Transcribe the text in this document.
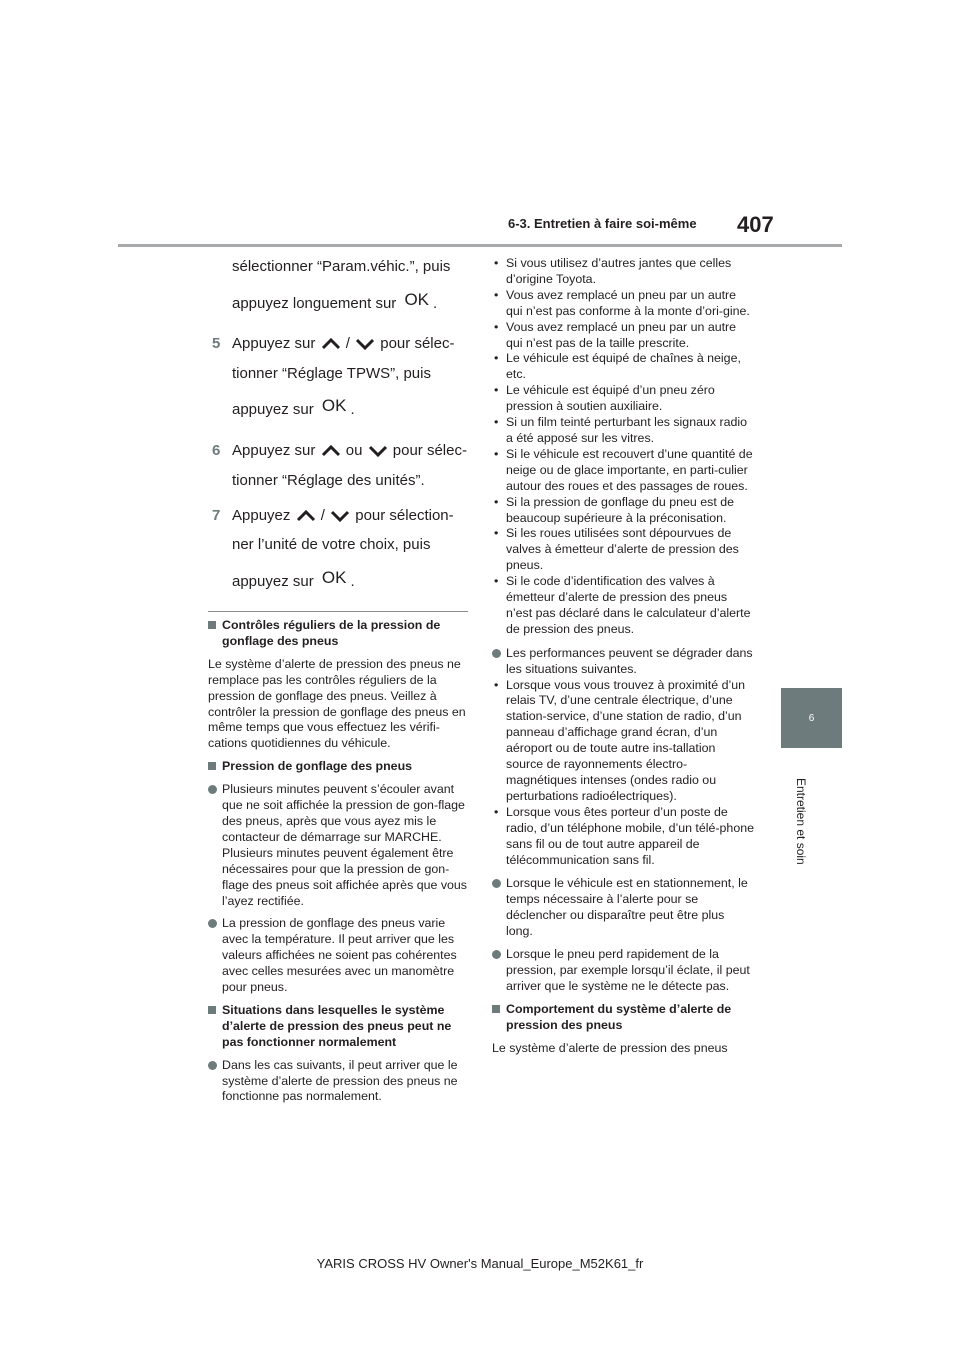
6-3. Entretien à faire soi-même 407
6
Entretien et soin
sélectionner “Param.véhic.”, puis
appuyez longuement sur OK .
5 Appuyez sur / pour sélec-
tionner “Réglage TPWS”, puis
appuyez sur OK .
6 Appuyez sur ou pour sélec-
tionner “Réglage des unités”.
7 Appuyez / pour sélection-
ner l’unité de votre choix, puis
appuyez sur OK .
Contrôles réguliers de la pression de gonflage des pneus

Le système d’alerte de pression des pneus ne remplace pas les contrôles réguliers de la pression de gonflage des pneus. Veillez à contrôler la pression de gonflage des pneus en même temps que vous effectuez les vérifi-cations quotidiennes du véhicule.

Pression de gonflage des pneus
Plusieurs minutes peuvent s’écouler avant que ne soit affichée la pression de gon-flage des pneus, après que vous ayez mis le contacteur de démarrage sur MARCHE. Plusieurs minutes peuvent également être nécessaires pour que la pression de gon-flage des pneus soit affichée après que vous l’ayez rectifiée.
La pression de gonflage des pneus varie avec la température. Il peut arriver que les valeurs affichées ne soient pas cohérentes avec celles mesurées avec un manomètre pour pneus.
Situations dans lesquelles le système d’alerte de pression des pneus peut ne pas fonctionner normalement
Dans les cas suivants, il peut arriver que le système d’alerte de pression des pneus ne fonctionne pas normalement.
• Si vous utilisez d’autres jantes que celles d’origine Toyota.
• Vous avez remplacé un pneu par un autre qui n’est pas conforme à la monte d’ori-gine.
• Vous avez remplacé un pneu par un autre qui n’est pas de la taille prescrite.
• Le véhicule est équipé de chaînes à neige, etc.
• Le véhicule est équipé d’un pneu zéro pression à soutien auxiliaire.
• Si un film teinté perturbant les signaux radio a été apposé sur les vitres.
• Si le véhicule est recouvert d’une quantité de neige ou de glace importante, en parti-culier autour des roues et des passages de roues.
• Si la pression de gonflage du pneu est de beaucoup supérieure à la préconisation.
• Si les roues utilisées sont dépourvues de valves à émetteur d’alerte de pression des pneus.
• Si le code d’identification des valves à émetteur d’alerte de pression des pneus n’est pas déclaré dans le calculateur d’alerte de pression des pneus.
Les performances peuvent se dégrader dans les situations suivantes.
• Lorsque vous vous trouvez à proximité d’un relais TV, d’une centrale électrique, d’une station-service, d’une station de radio, d’un panneau d’affichage grand écran, d’un aéroport ou de toute autre ins-tallation source de rayonnements électro-magnétiques intenses (ondes radio ou perturbations radioélectriques).
• Lorsque vous êtes porteur d’un poste de radio, d’un téléphone mobile, d’un télé-phone sans fil ou de tout autre appareil de télécommunication sans fil.
Lorsque le véhicule est en stationnement, le temps nécessaire à l’alerte pour se déclencher ou disparaître peut être plus long.
Lorsque le pneu perd rapidement de la pression, par exemple lorsqu’il éclate, il peut arriver que le système ne le détecte pas.
Comportement du système d’alerte de pression des pneus

Le système d’alerte de pression des pneus

YARIS CROSS HV Owner's Manual_Europe_M52K61_fr
